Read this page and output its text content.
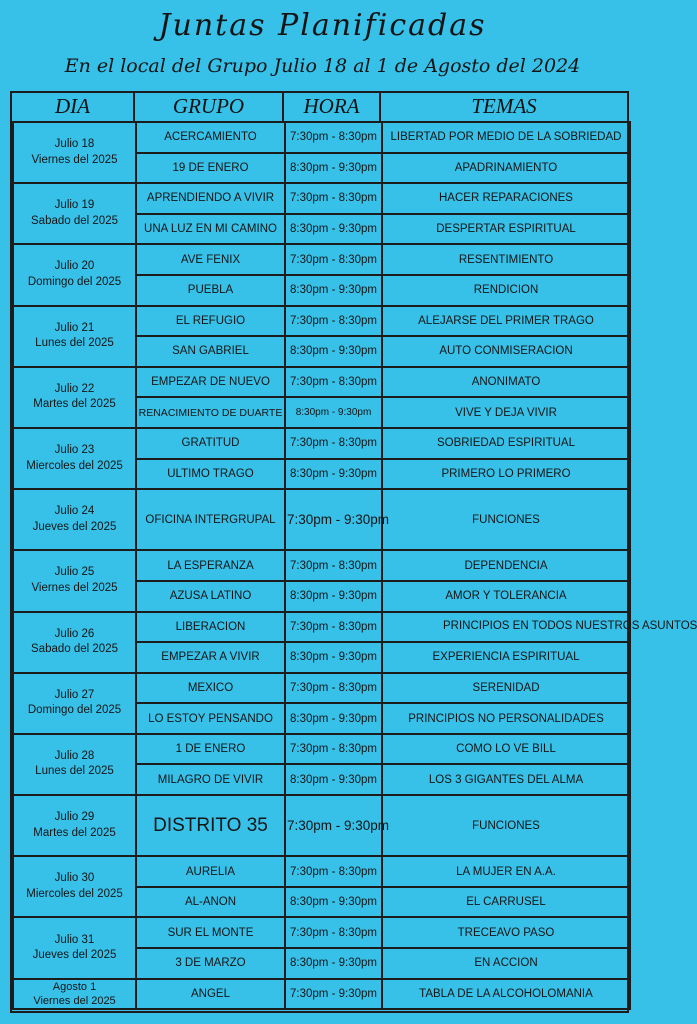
Juntas Planificadas
En el local del Grupo Julio 18 al 1 de Agosto del 2024
DIA	GRUPO	HORA	TEMAS
Julio 18
Viernes del 2025	ACERCAMIENTO	7:30pm - 8:30pm	LIBERTAD POR MEDIO DE LA SOBRIEDAD
	19 DE ENERO	8:30pm - 9:30pm	APADRINAMIENTO
Julio 19
Sabado del 2025	APRENDIENDO A VIVIR	7:30pm - 8:30pm	HACER REPARACIONES
	UNA LUZ EN MI CAMINO	8:30pm - 9:30pm	DESPERTAR ESPIRITUAL
Julio 20
Domingo del 2025	AVE FENIX	7:30pm - 8:30pm	RESENTIMIENTO
	PUEBLA	8:30pm - 9:30pm	RENDICION
Julio 21
Lunes del 2025	EL REFUGIO	7:30pm - 8:30pm	ALEJARSE DEL PRIMER TRAGO
	SAN GABRIEL	8:30pm - 9:30pm	AUTO CONMISERACION
Julio 22
Martes del 2025	EMPEZAR DE NUEVO	7:30pm - 8:30pm	ANONIMATO
	RENACIMIENTO DE DUARTE	8:30pm - 9:30pm	VIVE Y DEJA VIVIR
Julio 23
Miercoles del 2025	GRATITUD	7:30pm - 8:30pm	SOBRIEDAD ESPIRITUAL
	ULTIMO TRAGO	8:30pm - 9:30pm	PRIMERO LO PRIMERO
Julio 24
Jueves del 2025	OFICINA INTERGRUPAL	7:30pm - 9:30pm	FUNCIONES

Julio 25
Viernes del 2025	LA ESPERANZA	7:30pm - 8:30pm	DEPENDENCIA
	AZUSA LATINO	8:30pm - 9:30pm	AMOR Y TOLERANCIA
Julio 26
Sabado del 2025	LIBERACION	7:30pm - 8:30pm	PRINCIPIOS EN TODOS NUESTROS ASUNTOS
	EMPEZAR A VIVIR	8:30pm - 9:30pm	EXPERIENCIA ESPIRITUAL
Julio 27
Domingo del 2025	MEXICO	7:30pm - 8:30pm	SERENIDAD
	LO ESTOY PENSANDO	8:30pm - 9:30pm	PRINCIPIOS NO PERSONALIDADES
Julio 28
Lunes del 2025	1 DE ENERO	7:30pm - 8:30pm	COMO LO VE BILL
	MILAGRO DE VIVIR	8:30pm - 9:30pm	LOS 3 GIGANTES DEL ALMA
Julio 29
Martes del 2025	DISTRITO 35	7:30pm - 9:30pm	FUNCIONES

Julio 30
Miercoles del 2025	AURELIA	7:30pm - 8:30pm	LA MUJER EN A.A.
	AL-ANON	8:30pm - 9:30pm	EL CARRUSEL
Julio 31
Jueves del 2025	SUR EL MONTE	7:30pm - 8:30pm	TRECEAVO PASO
	3 DE MARZO	8:30pm - 9:30pm	EN ACCION
Agosto 1
Viernes del 2025	ANGEL	7:30pm - 9:30pm	TABLA DE LA ALCOHOLOMANIA
